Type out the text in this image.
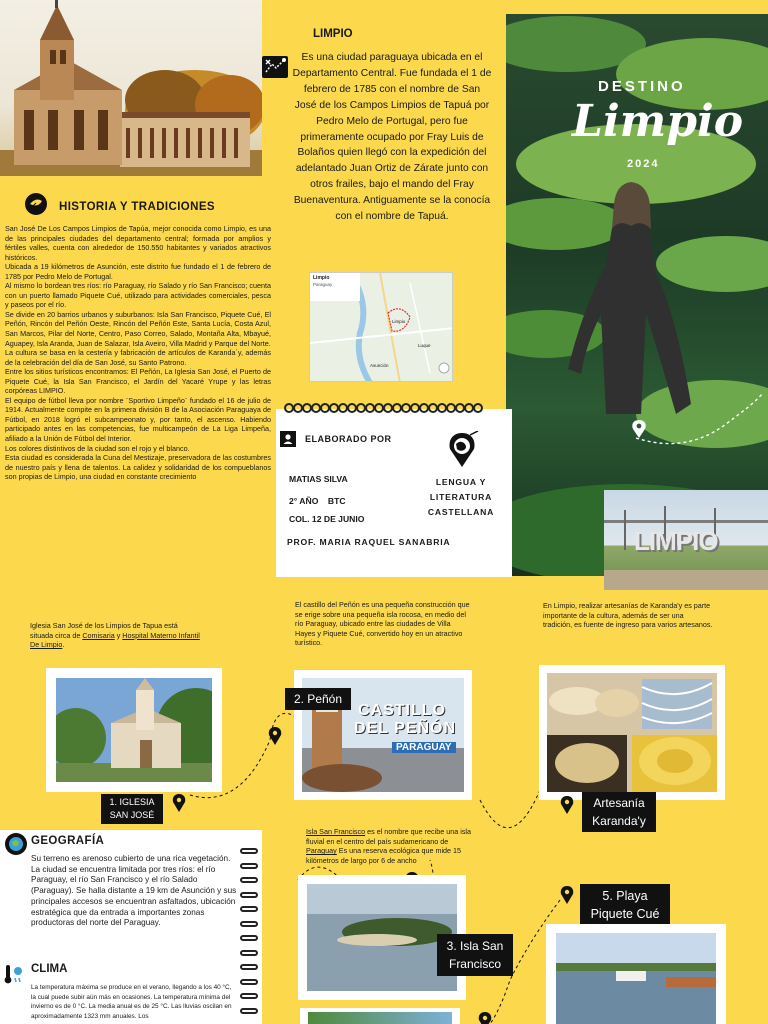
LIMPIO
Es una ciudad paraguaya ubicada en el Departamento Central. Fue fundada el 1 de febrero de 1785 con el nombre de San José de los Campos Limpios de Tapuá por Pedro Melo de Portugal, pero fue primeramente ocupado por Fray Luis de Bolaños quien llegó con la expedición del adelantado Juan Ortiz de Zárate junto con otros frailes, bajo el mando del Fray Buenaventura. Antiguamente se la conocía con el nombre de Tapuá.
DESTINO
Limpio
2024
LIMPIO
HISTORIA Y TRADICIONES

San José De Los Campos Limpios de Tapúa, mejor conocida como Limpio, es una de las principales ciudades del departamento central; formada por amplios y fértiles valles, cuenta con alrededor de 150.550 habitantes y variados atractivos históricos.

Ubicada a 19 kilómetros de Asunción, este distrito fue fundado el 1 de febrero de 1785 por Pedro Melo de Portugal.

Al mismo lo bordean tres ríos: río Paraguay, río Salado y río San Francisco; cuenta con un puerto llamado Piquete Cué, utilizado para actividades comerciales, pesca y paseos por el río.

Se divide en 20 barrios urbanos y suburbanos: Isla San Francisco, Piquete Cué, El Peñón, Rincón del Peñón Oeste, Rincón del Peñón Este, Santa Lucía, Costa Azul, San Marcos, Pilar del Norte, Centro, Paso Correo, Salado, Montaña Alta, Mbayué, Aguapey, Isla Aranda, Juan de Salazar, Isla Aveiro, Villa Madrid y Parque del Norte.

La cultura se basa en la cestería y fabricación de artículos de Karanda´y, además de la celebración del día de San José, su Santo Patrono.

Entre los sitios turísticos encontramos: El Peñón, La Iglesia San José, el Puerto de Piquete Cué, la Isla San Francisco, el Jardín del Yacaré Yrupe y las letras corpóreas LIMPIO.

El equipo de fútbol lleva por nombre ¨Sportivo Limpeño¨ fundado el 16 de julio de 1914. Actualmente compite en la primera división B de la Asociación Paraguaya de Fútbol, en 2018 logró el subcampeonato y, por tanto, el ascenso. Habiendo participado antes en las competencias, fue multicampeón de La Liga Limpeña, afiliado a la Unión de Fútbol del Interior.

Los colores distintivos de la ciudad son el rojo y el blanco.

Esta ciudad es considerada la Cuna del Mestizaje, preservadora de las costumbres de nuestro país y llena de talentos. La calidez y solidaridad de los compueblanos son propias de Limpio, una ciudad en constante crecimiento

Limpio
Paraguay
Limpio
Luque
Asunción
ELABORADO POR
MATIAS SILVA
2° AÑO    BTC
COL. 12 DE JUNIO
PROF. MARIA RAQUEL SANABRIA
LENGUA Y LITERATURA CASTELLANA
Iglesia San José de los Limpios de Tapua está situada circa de Comisaria y Hospital Materno Infantil De Limpio.
El castillo del Peñón es una pequeña construcción que se erige sobre una pequeña isla rocosa, en medio del río Paraguay, ubicado entre las ciudades de Villa Hayes y Piquete Cué, convertido hoy en un atractivo turístico.
En Limpio, realizar artesanías de Karanda'y es parte importante de la cultura, además de ser una tradición, es fuente de ingreso para varios artesanos.
1. IGLESIA SAN JOSÉ
CASTILLO
DEL PEÑÓN
PARAGUAY
2. Peñón
Artesanía Karanda'y
GEOGRAFÍA
Su terreno es arenoso cubierto de una rica vegetación. La ciudad se encuentra limitada por tres ríos: el río Paraguay, el río San Francisco y el río Salado (Paraguay). Se halla distante a 19 km de Asunción y sus principales accesos se encuentran asfaltados, ubicación estratégica que da entrada a importantes zonas productoras del norte del Paraguay.
CLIMA
La temperatura máxima se produce en el verano, llegando a los 40 °C, la cual puede subir aún más en ocasiones. La temperatura mínima del invierno es de 0 °C. La media anual es de 25 °C. Las lluvias oscilan en aproximadamente 1323 mm anuales. Los
Isla San Francisco es el nombre que recibe una isla fluvial en el centro del país sudamericano de Paraguay Es una reserva ecológica que mide 15 kilómetros de largo por 6 de ancho
3. Isla San Francisco
5. Playa Piquete Cué
